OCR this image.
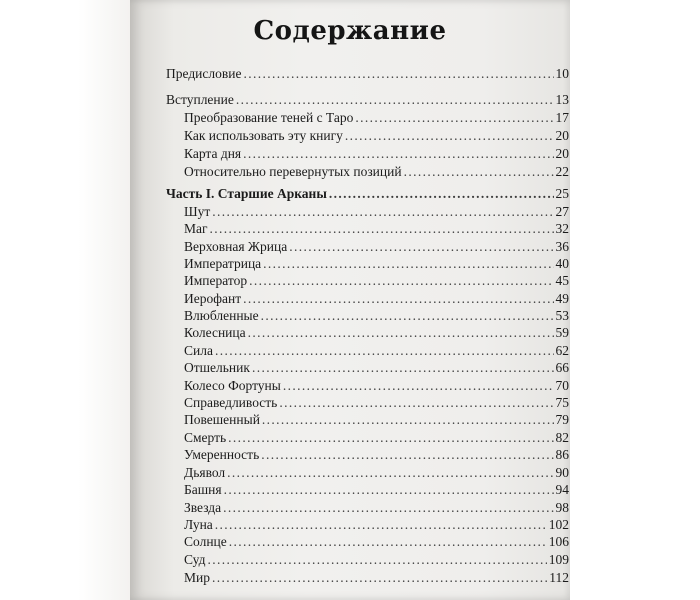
Содержание
Предисловие . . .	10
Вступление . . .	13
Преобразование теней с Таро . . .	17
Как использовать эту книгу . . .	20
Карта дня . . .	20
Относительно перевернутых позиций . . .	22
Часть I. Старшие Арканы . . .	25
Шут . . .	27
Маг . . .	32
Верховная Жрица . . .	36
Императрица . . .	40
Император . . .	45
Иерофант . . .	49
Влюбленные . . .	53
Колесница . . .	59
Сила . . .	62
Отшельник . . .	66
Колесо Фортуны . . .	70
Справедливость . . .	75
Повешенный . . .	79
Смерть . . .	82
Умеренность . . .	86
Дьявол . . .	90
Башня . . .	94
Звезда . . .	98
Луна . . .	102
Солнце . . .	106
Суд . . .	109
Мир . . .	112
